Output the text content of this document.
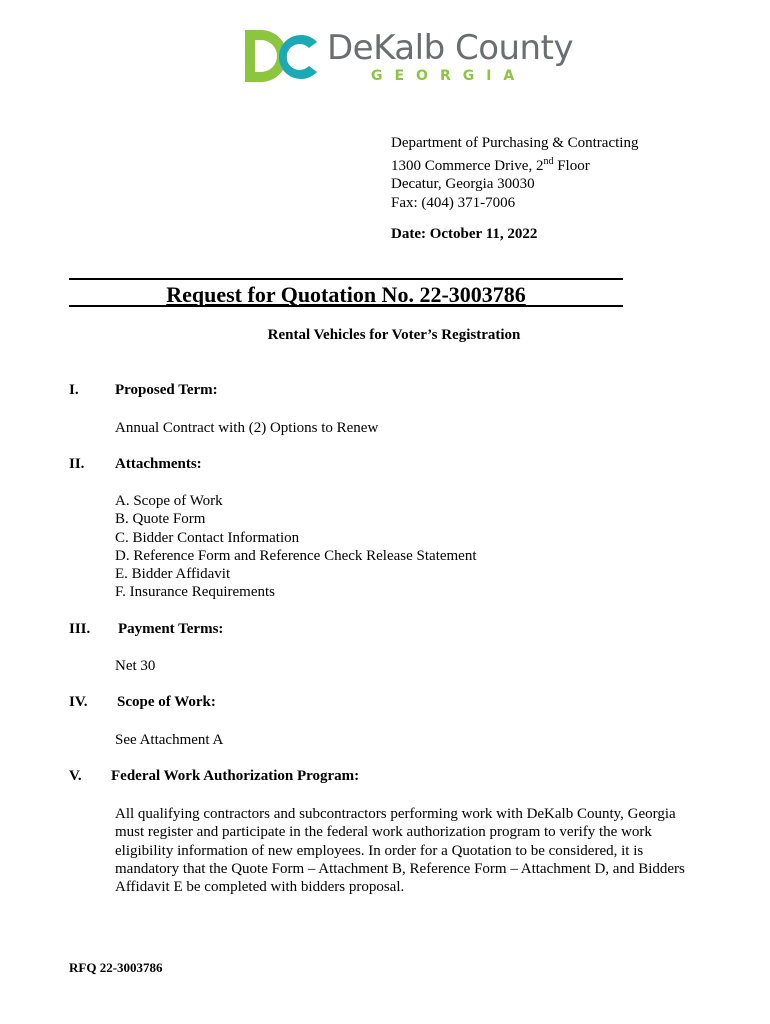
DeKalb County
GEORGIA
Department of Purchasing & Contracting
1300 Commerce Drive, 2nd Floor
Decatur, Georgia 30030
Fax: (404) 371-7006
Date: October 11, 2022
Request for Quotation No. 22-3003786
Rental Vehicles for Voter’s Registration
I. Proposed Term:
Annual Contract with (2) Options to Renew
II. Attachments:
A. Scope of Work
B. Quote Form
C. Bidder Contact Information
D. Reference Form and Reference Check Release Statement
E. Bidder Affidavit
F. Insurance Requirements
III. Payment Terms:
Net 30
IV. Scope of Work:
See Attachment A
V. Federal Work Authorization Program:
All qualifying contractors and subcontractors performing work with DeKalb County, Georgia
must register and participate in the federal work authorization program to verify the work
eligibility information of new employees. In order for a Quotation to be considered, it is
mandatory that the Quote Form – Attachment B, Reference Form – Attachment D, and Bidders
Affidavit E be completed with bidders proposal.
RFQ 22-3003786
